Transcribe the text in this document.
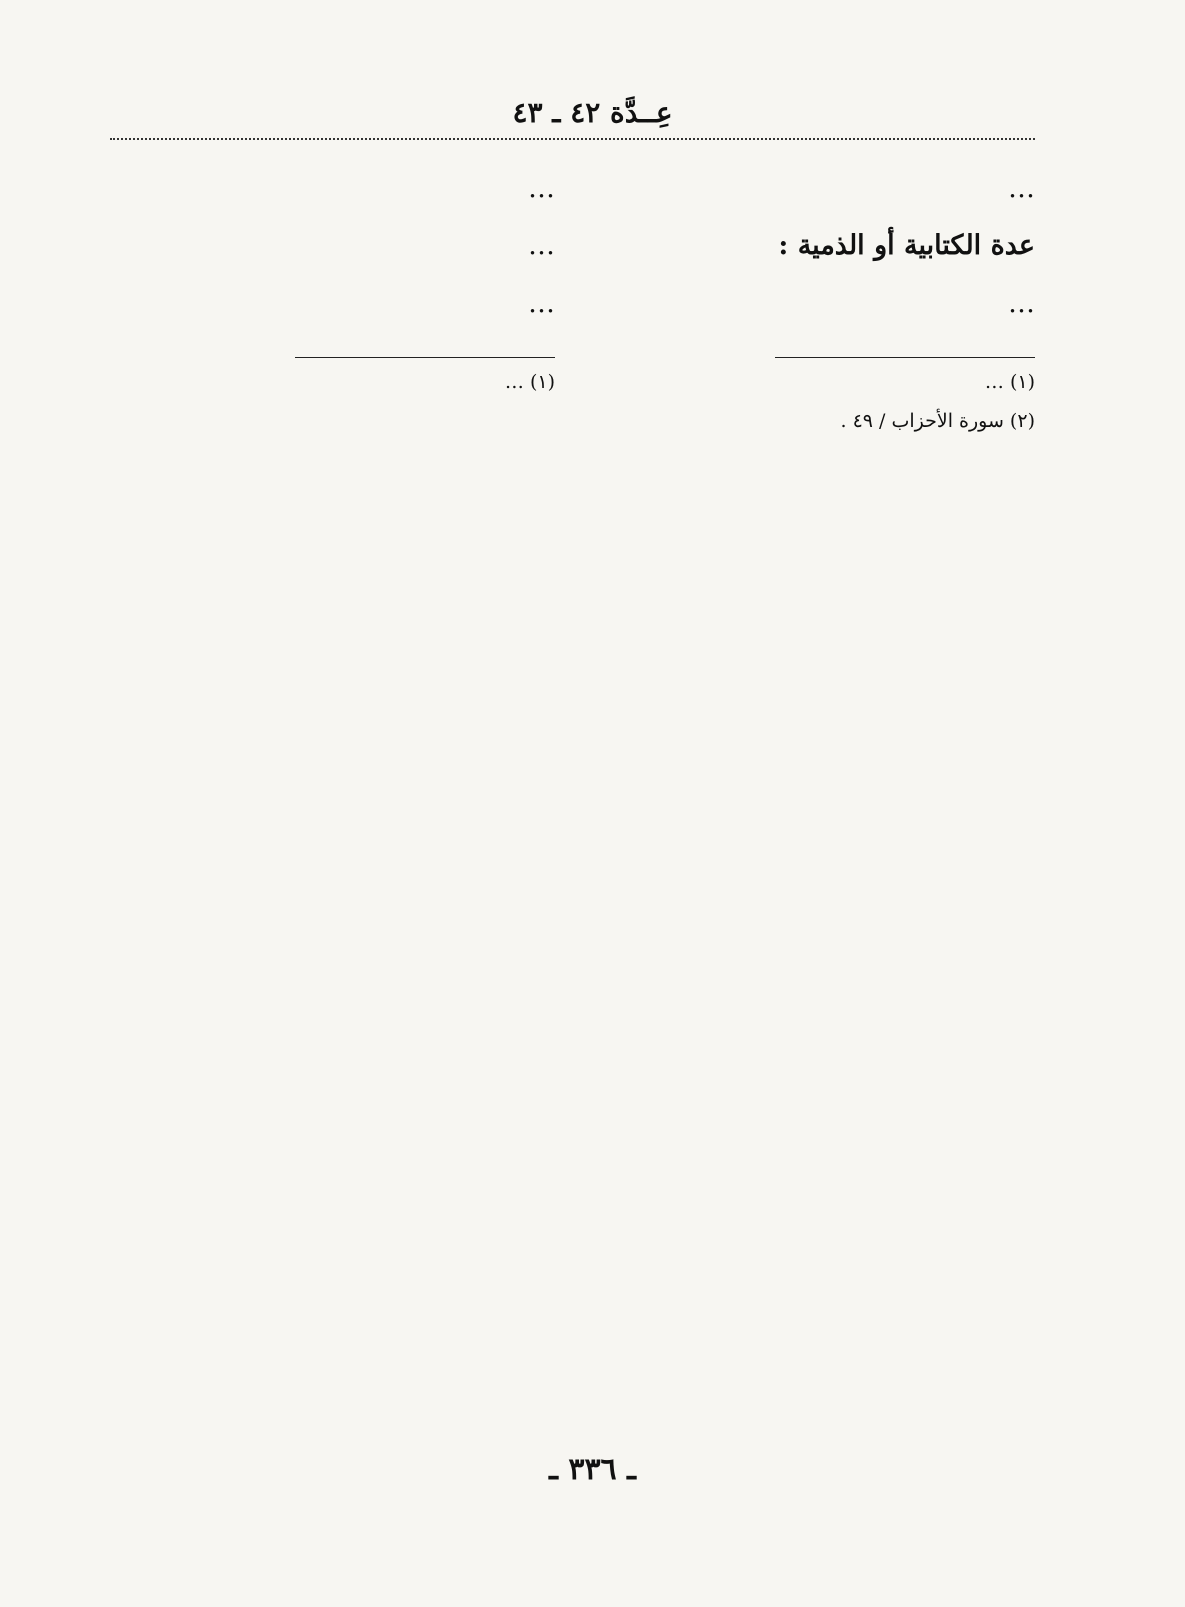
عِــدَّة ٤٢ ـ ٤٣

…

عدة الكتابية أو الذمية :

…

(١) …

(٢) سورة الأحزاب / ٤٩ .

…

…

…

(١) …

ـ ٣٣٦ ـ
